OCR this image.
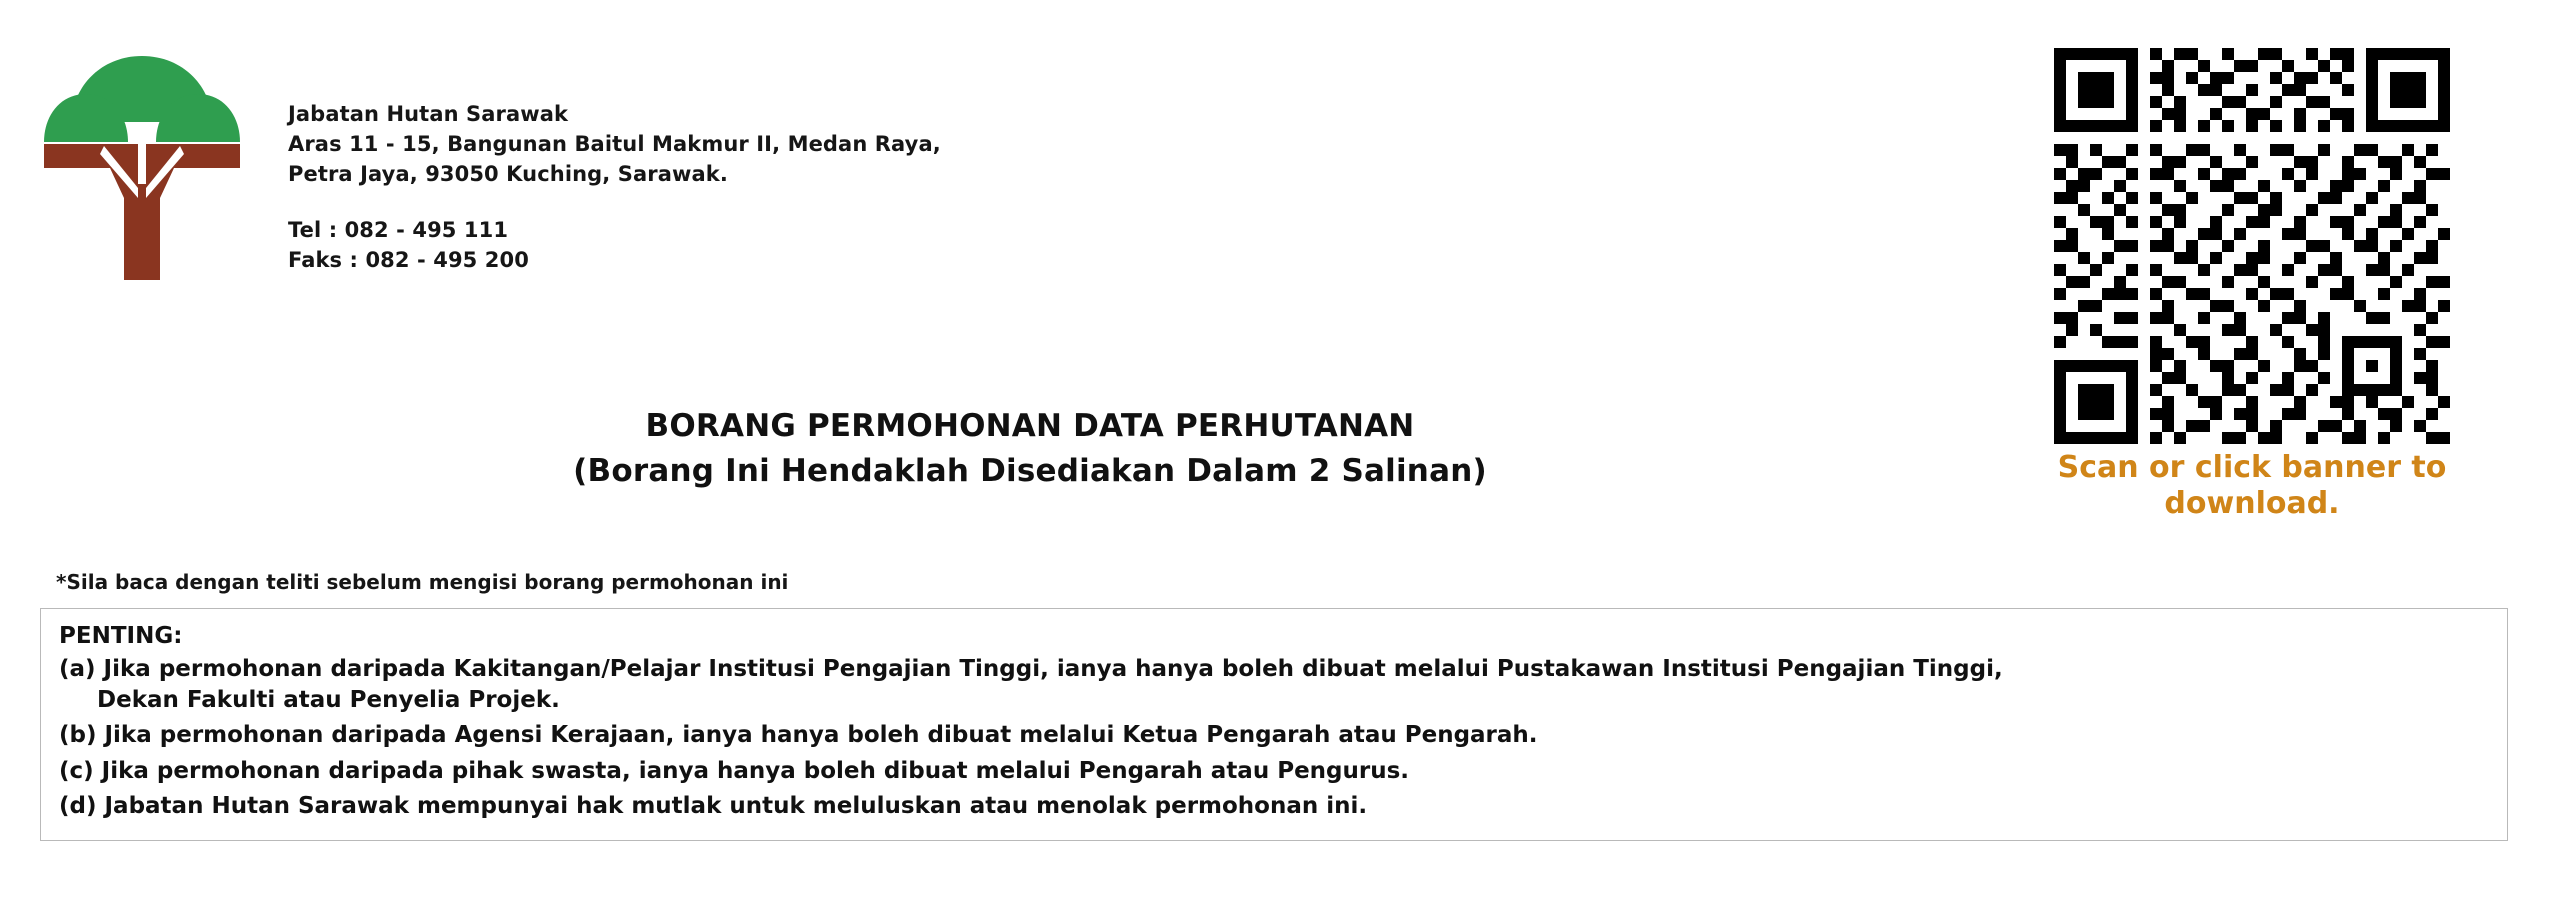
Jabatan Hutan Sarawak
Aras 11 - 15, Bangunan Baitul Makmur II, Medan Raya,
Petra Jaya, 93050 Kuching, Sarawak.
Tel : 082 - 495 111
Faks : 082 - 495 200
Scan or click banner to
download.
BORANG PERMOHONAN DATA PERHUTANAN
(Borang Ini Hendaklah Disediakan Dalam 2 Salinan)
*Sila baca dengan teliti sebelum mengisi borang permohonan ini
PENTING:
(a) Jika permohonan daripada Kakitangan/Pelajar Institusi Pengajian Tinggi, ianya hanya boleh dibuat melalui Pustakawan Institusi Pengajian Tinggi,
Dekan Fakulti atau Penyelia Projek.
(b) Jika permohonan daripada Agensi Kerajaan, ianya hanya boleh dibuat melalui Ketua Pengarah atau Pengarah.
(c) Jika permohonan daripada pihak swasta, ianya hanya boleh dibuat melalui Pengarah atau Pengurus.
(d) Jabatan Hutan Sarawak mempunyai hak mutlak untuk meluluskan atau menolak permohonan ini.
